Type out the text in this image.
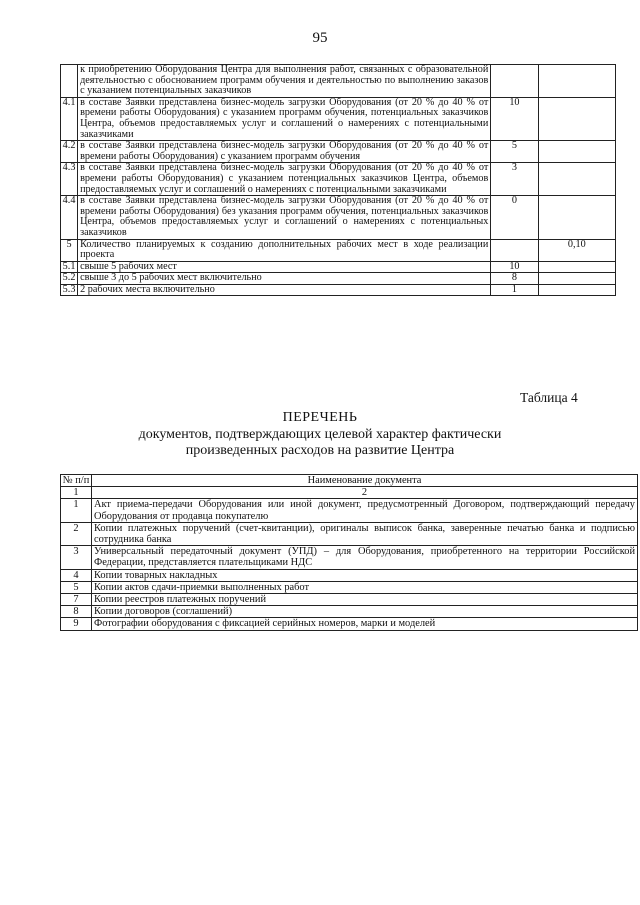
95
	к приобретению Оборудования Центра для выполнения работ, связанных с образовательной деятельностью с обоснованием программ обучения и деятельностью по выполнению заказов с указанием потенциальных заказчиков		
4.1	в составе Заявки представлена бизнес-модель загрузки Оборудования (от 20 % до 40 % от времени работы Оборудования) с указанием программ обучения, потенциальных заказчиков Центра, объемов предоставляемых услуг и соглашений о намерениях с потенциальными заказчиками	10	
4.2	в составе Заявки представлена бизнес-модель загрузки Оборудования (от 20 % до 40 % от времени работы Оборудования) с указанием программ обучения	5	
4.3	в составе Заявки представлена бизнес-модель загрузки Оборудования (от 20 % до 40 % от времени работы Оборудования) с указанием потенциальных заказчиков Центра, объемов предоставляемых услуг и соглашений о намерениях с потенциальными заказчиками	3	
4.4	в составе Заявки представлена бизнес-модель загрузки Оборудования (от 20 % до 40 % от времени работы Оборудования) без указания программ обучения, потенциальных заказчиков Центра, объемов предоставляемых услуг и соглашений о намерениях с потенциальных заказчиков	0	
5	Количество планируемых к созданию дополнительных рабочих мест в ходе реализации проекта		0,10
5.1	свыше 5 рабочих мест	10	
5.2	свыше 3 до 5 рабочих мест включительно	8	
5.3	2 рабочих места включительно	1	
Таблица 4
ПЕРЕЧЕНЬ
документов, подтверждающих целевой характер фактически
произведенных расходов на развитие Центра
№ п/п	Наименование документа
1	2
1	Акт приема-передачи Оборудования или иной документ, предусмотренный Договором, подтверждающий передачу Оборудования от продавца покупателю
2	Копии платежных поручений (счет-квитанции), оригиналы выписок банка, заверенные печатью банка и подписью сотрудника банка
3	Универсальный передаточный документ (УПД) – для Оборудования, приобретенного на территории Российской Федерации, представляется плательщиками НДС
4	Копии товарных накладных
5	Копии актов сдачи-приемки выполненных работ
7	Копии реестров платежных поручений
8	Копии договоров (соглашений)
9	Фотографии оборудования с фиксацией серийных номеров, марки и моделей
